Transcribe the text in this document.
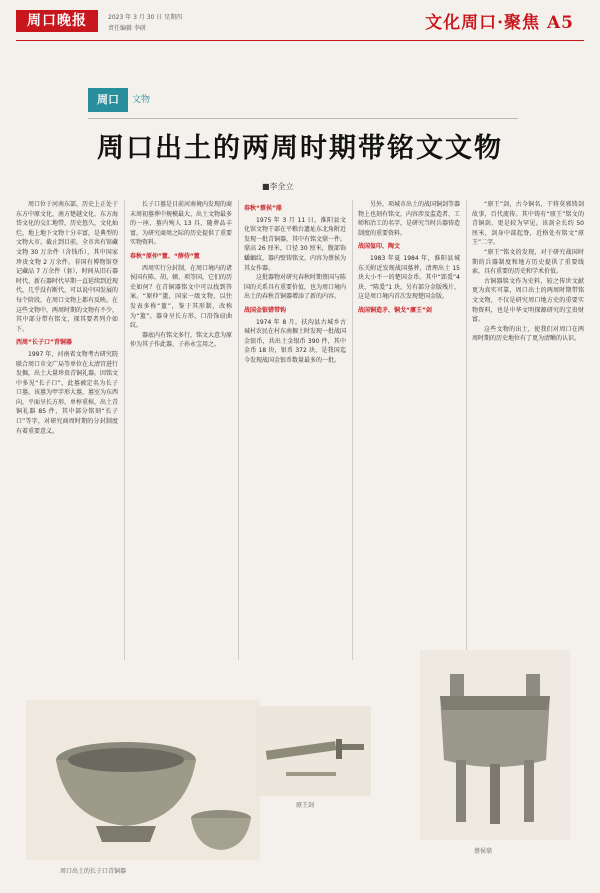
周口晚报	2023 年 3 月 30 日 星期四
责任编辑 李研	文化周口·聚焦 A5
周口	文物
周口出土的两周时期带铭文文物
■李全立

周口位于河南东部，历史上正处于东方中原文化、南方楚越文化、东方海岱文化的交汇地带，历史悠久，文化灿烂，地上地下文物十分丰富，是典型的文物大市。截止到目前，全市共有馆藏文物 30 万余件（含钱币），其中国家珍贵文物 2 万余件。非国有博物馆登记藏品 7 万余件（套），时间从旧石器时代、新石器时代早期一直延续到近现代，几乎没有断代，可以说中国发展的每个阶段，在周口文物上都有反映。在这些文物中，两周时期的文物有不少，其中部分带有铭文，探其要者列介如下。

西周“长子口”青铜器

1997 年，河南省文物考古研究院联合周口市文广局等单位在太清宫进行发掘，出土大量珍贵青铜礼器。因铭文中多见“长子口”，此墓被定名为长子口墓。该墓为甲字形大墓，墓室为东西向，平面呈长方形，单椁重棺，出土青铜礼器 85 件，其中部分铭刻“长子口”等字，对研究商周时期的分封制度有着重要意义。

长子口墓是目前河南境内发现的商末周初墓葬中规模最大、出土文物最多的一座，墓内殉人 13 具，随葬品丰富，为研究商周之际的历史提供了重要实物资料。

春秋“原仲”簠、“薛侍”簠

西周实行分封制，在周口境内的诸侯国有陈、胡、顿、项等国，它们的历史如何？在青铜器铭文中可以找到答案。“原仲”簠，国家一级文物，以往发表多称“簠”，鉴于其形制，改称为“簠”。器身呈长方形，口沿饰窃曲纹。

器底内有铭文多行，铭文大意为原仲为其子作此器，子孙永宝用之。

春秋“蔡侯”鼎

1975 年 3 月 11 日，淮阳县文化馆文物干部在平粮台遗址东北角附近发现一批青铜器，其中有铭文鼎一件。鼎高 26 厘米，口径 30 厘米，腹部饰蟠螭纹，器内壁铸铭文，内容为蔡侯为其女作器。

这批器物对研究春秋时期蔡国与陈国的关系具有重要价值，也为周口境内出土的春秋青铜器增添了新的内容。

战国金银错带钩

1974 年 8 月，扶沟县古城乡古城村农民在村东南掘土时发现一批战国金银币，共出土金银币 390 件，其中金币 18 块，银币 372 块，是我国迄今发现战国金银币数量最多的一批。

另外，项城市出土的战国铜剑等器物上也刻有铭文，内容涉及监造者、工师和冶工的名字，是研究当时兵器铸造制度的重要资料。

战国玺印、陶文

1983 年夏 1984 年，淮阳县城东关附近发现战国墓葬，清理出土 15 块大小不一的楚国金币。其中“郢爰”4 块、“陈爰”1 块，另有部分金版残片，这是周口境内首次发现楚国金版。

战国铜造矛、铜戈“廪王”剑

“廪王”剑，古今铜名，干将莫邪铸剑故事，百代流传。其中铸有“廪王”铭文的青铜剑，更是较为罕见。该剑全长约 50 厘米，剑身中部起脊，近格处有铭文“廪王”二字。

“廪王”铭文的发现，对于研究战国时期的兵器制度和地方历史提供了重要线索，具有重要的历史和学术价值。

古铜器铭文作为史料，较之传世文献更为真实可靠，周口出土的两周时期带铭文文物，不仅是研究周口地方史的重要实物资料，也是中华文明探源研究的宝贵财富。

这些文物的出土，使我们对周口在两周时期的历史地位有了更为清晰的认识。

周口出土的长子口青铜器
廪王剑
蔡侯鼎
